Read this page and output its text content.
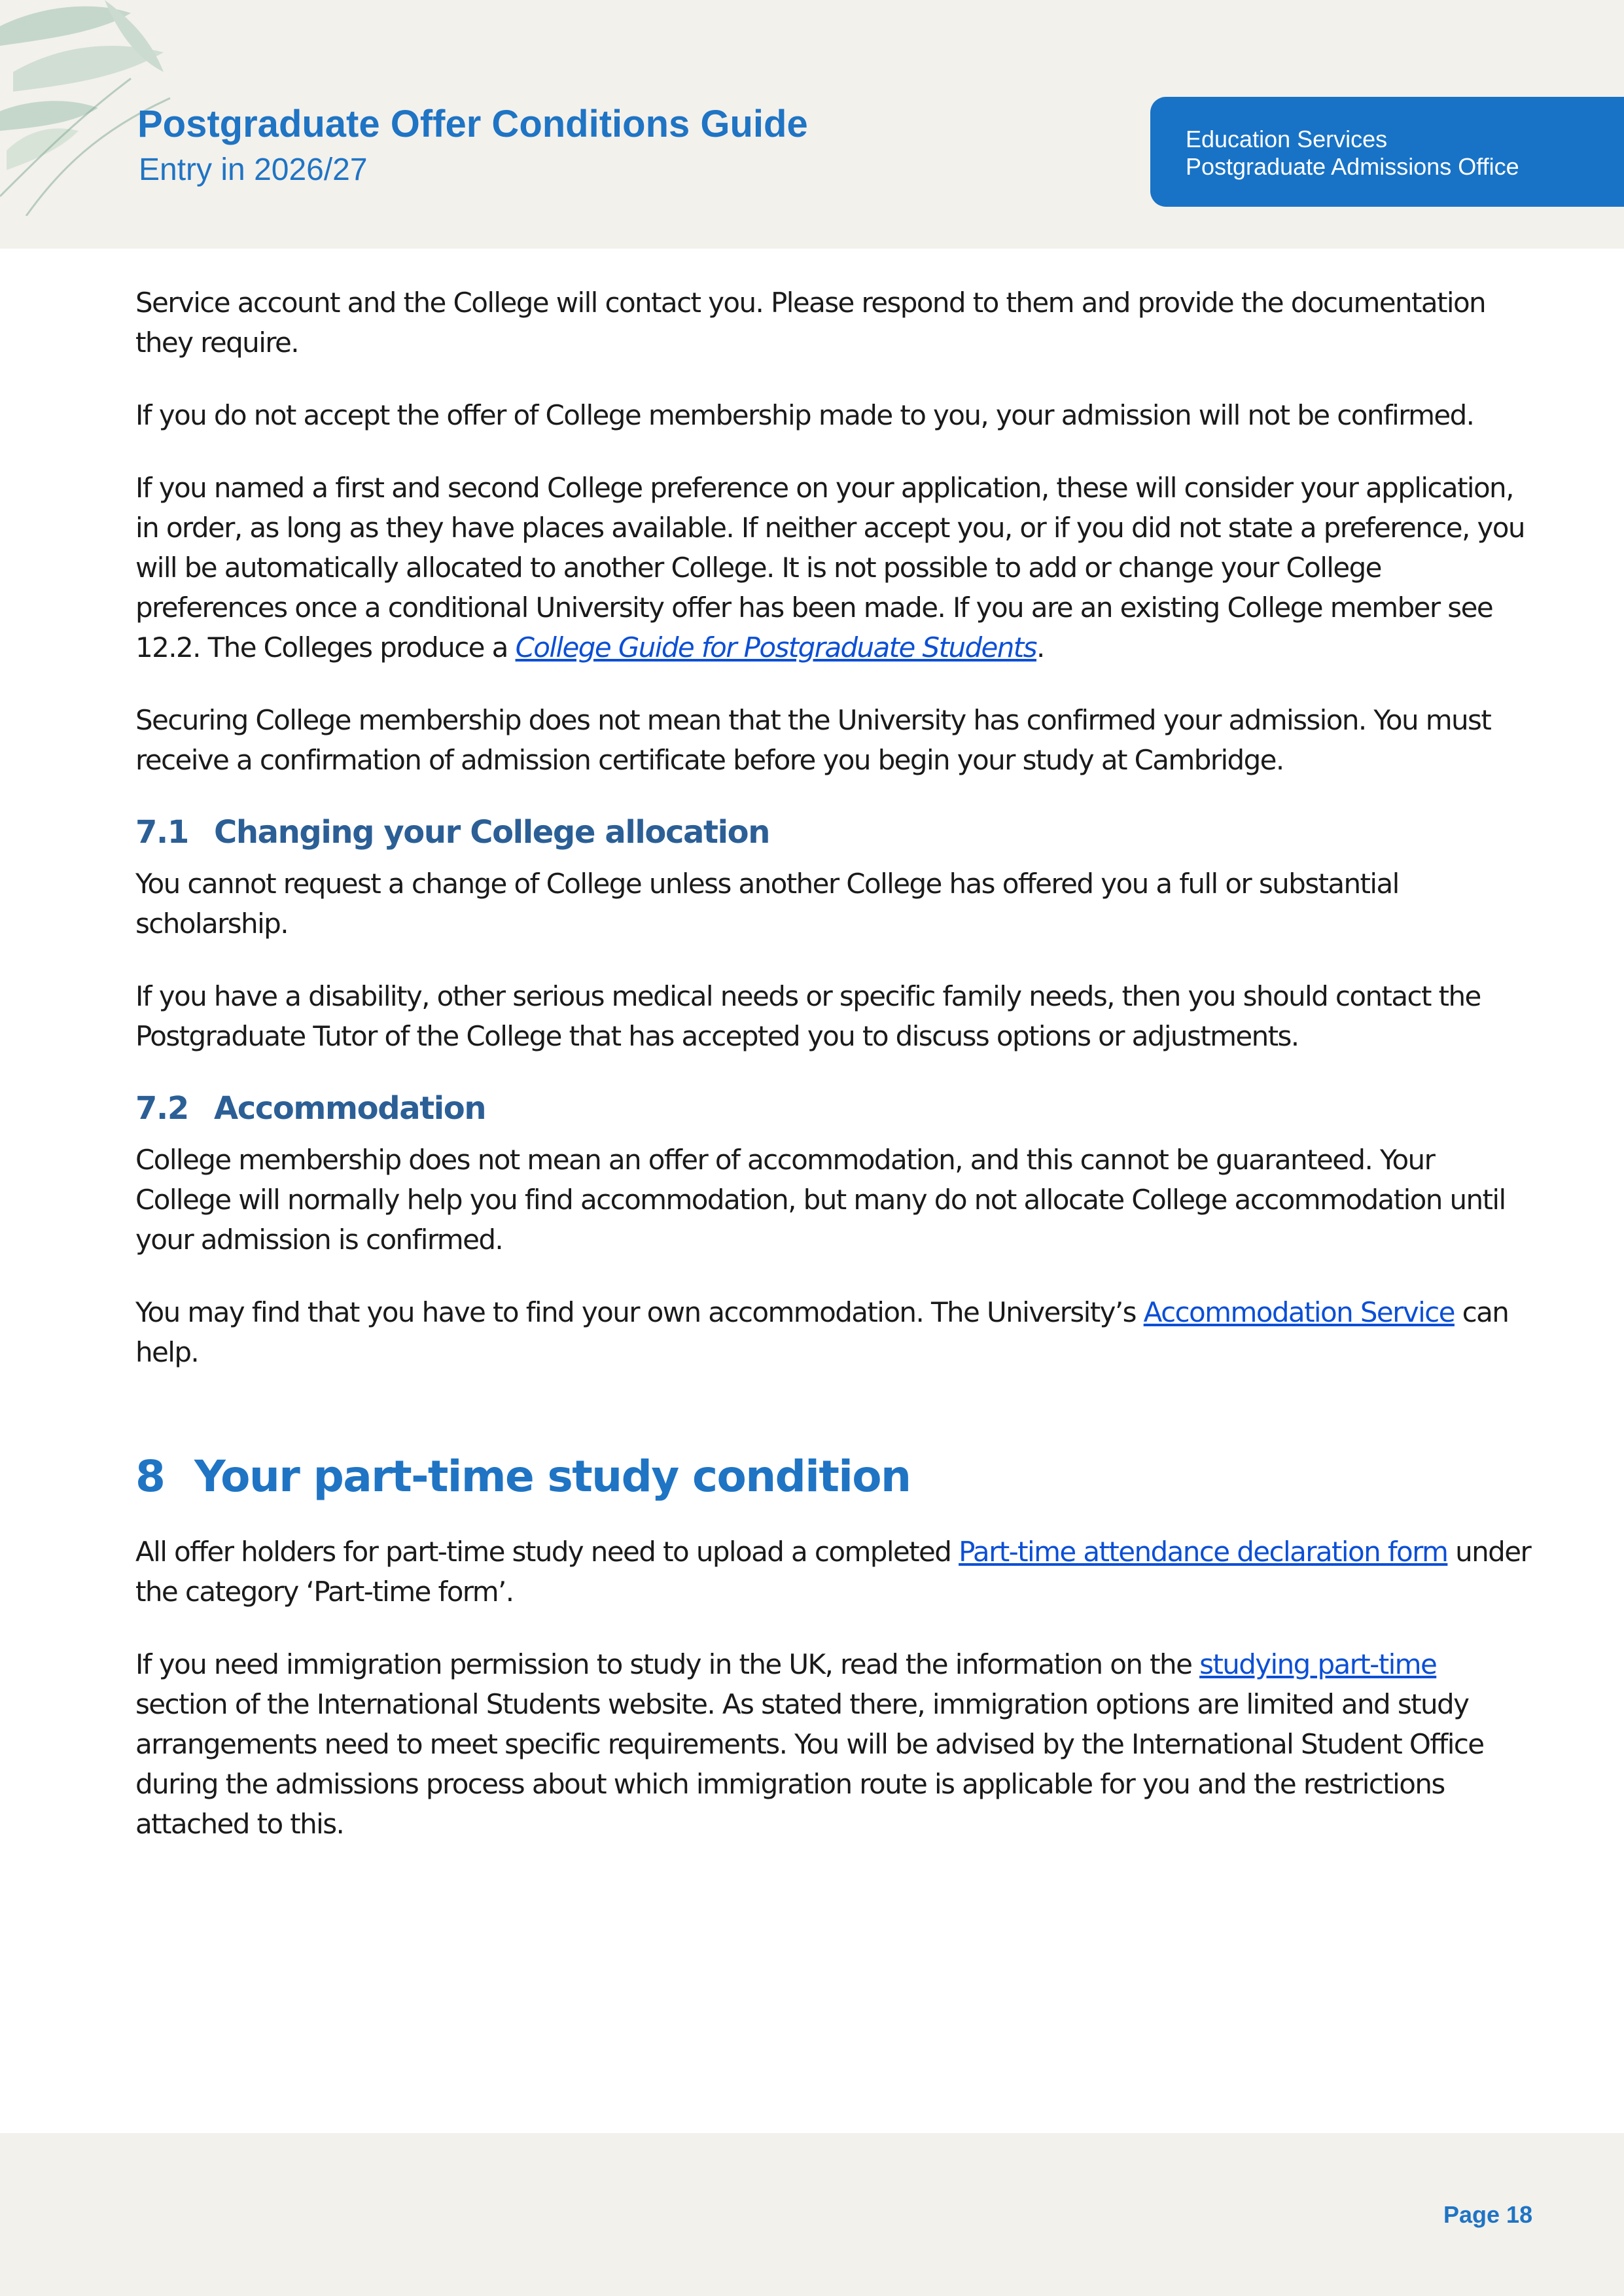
Postgraduate Offer Conditions Guide
Entry in 2026/27
Education Services
Postgraduate Admissions Office

Service account and the College will contact you. Please respond to them and provide the documentation they require.

If you do not accept the offer of College membership made to you, your admission will not be confirmed.

If you named a first and second College preference on your application, these will consider your application, in order, as long as they have places available. If neither accept you, or if you did not state a preference, you will be automatically allocated to another College. It is not possible to add or change your College preferences once a conditional University offer has been made. If you are an existing College member see 12.2. The Colleges produce a College Guide for Postgraduate Students.

Securing College membership does not mean that the University has confirmed your admission. You must receive a confirmation of admission certificate before you begin your study at Cambridge.

7.1 Changing your College allocation

You cannot request a change of College unless another College has offered you a full or substantial scholarship.

If you have a disability, other serious medical needs or specific family needs, then you should contact the Postgraduate Tutor of the College that has accepted you to discuss options or adjustments.

7.2 Accommodation

College membership does not mean an offer of accommodation, and this cannot be guaranteed. Your College will normally help you find accommodation, but many do not allocate College accommodation until your admission is confirmed.

You may find that you have to find your own accommodation. The University’s Accommodation Service can help.

8 Your part-time study condition

All offer holders for part-time study need to upload a completed Part-time attendance declaration form under the category ‘Part-time form’.

If you need immigration permission to study in the UK, read the information on the studying part-time section of the International Students website. As stated there, immigration options are limited and study arrangements need to meet specific requirements. You will be advised by the International Student Office during the admissions process about which immigration route is applicable for you and the restrictions attached to this.

Page 18
